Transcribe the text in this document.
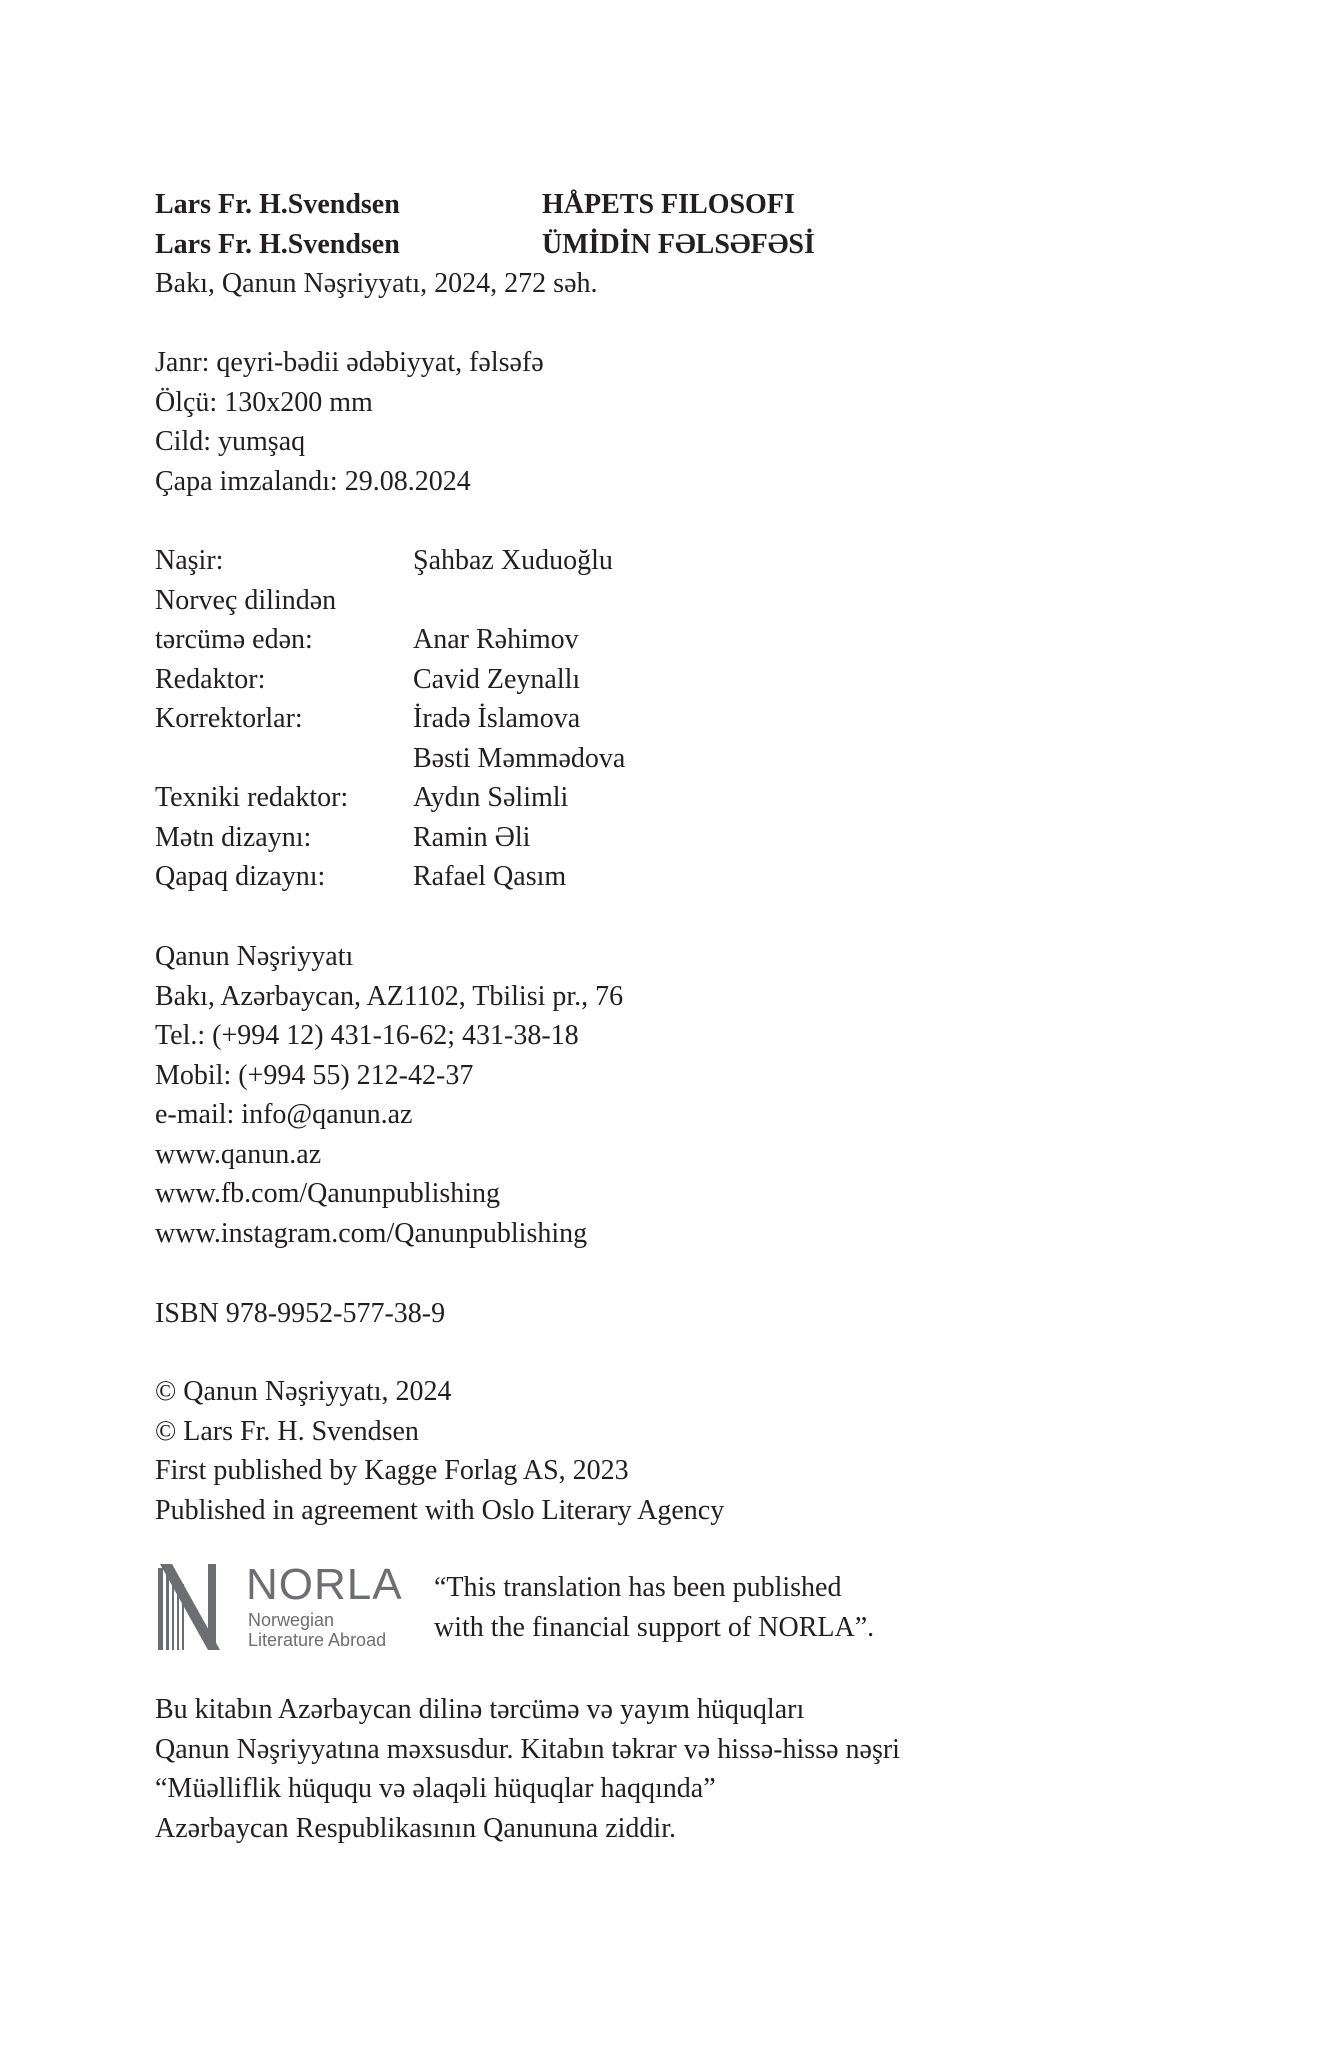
Lars Fr. H.Svendsen	HÅPETS FILOSOFI
Lars Fr. H.Svendsen	ÜMİDİN FƏLSƏFƏSİ
Bakı, Qanun Nəşriyyatı, 2024, 272 səh.
Janr: qeyri-bədii ədəbiyyat, fəlsəfə
Ölçü: 130x200 mm
Cild: yumşaq
Çapa imzalandı: 29.08.2024
Naşir:	Şahbaz Xuduoğlu
Norveç dilindən
tərcümə edən:	Anar Rəhimov
Redaktor:	Cavid Zeynallı
Korrektorlar:	İradə İslamova
Bəsti Məmmədova
Texniki redaktor:	Aydın Səlimli
Mətn dizaynı:	Ramin Əli
Qapaq dizaynı:	Rafael Qasım
Qanun Nəşriyyatı
Bakı, Azərbaycan, AZ1102, Tbilisi pr., 76
Tel.: (+994 12) 431-16-62; 431-38-18
Mobil: (+994 55) 212-42-37
e-mail: info@qanun.az
www.qanun.az
www.fb.com/Qanunpublishing
www.instagram.com/Qanunpublishing
ISBN 978-9952-577-38-9
© Qanun Nəşriyyatı, 2024
© Lars Fr. H. Svendsen
First published by Kagge Forlag AS, 2023
Published in agreement with Oslo Literary Agency
NORLA
Norwegian
Literature Abroad
“This translation has been published
with the financial support of NORLA”.
Bu kitabın Azərbaycan dilinə tərcümə və yayım hüquqları
Qanun Nəşriyyatına məxsusdur. Kitabın təkrar və hissə-hissə nəşri
“Müəlliflik hüququ və əlaqəli hüquqlar haqqında”
Azərbaycan Respublikasının Qanununa ziddir.
